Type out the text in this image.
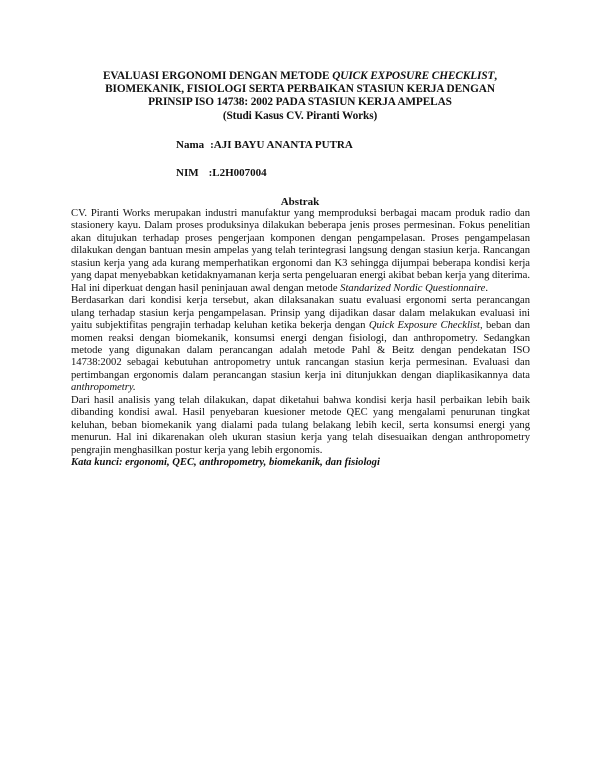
EVALUASI ERGONOMI DENGAN METODE QUICK EXPOSURE CHECKLIST,
BIOMEKANIK, FISIOLOGI SERTA PERBAIKAN STASIUN KERJA DENGAN
PRINSIP ISO 14738: 2002 PADA STASIUN KERJA AMPELAS
(Studi Kasus CV. Piranti Works)
Nama :AJI BAYU ANANTA PUTRA
NIM :L2H007004
Abstrak

CV. Piranti Works merupakan industri manufaktur yang memproduksi berbagai macam produk radio dan stasionery kayu. Dalam proses produksinya dilakukan beberapa jenis proses permesinan. Fokus penelitian akan ditujukan terhadap proses pengerjaan komponen dengan pengampelasan. Proses pengampelasan dilakukan dengan bantuan mesin ampelas yang telah terintegrasi langsung dengan stasiun kerja. Rancangan stasiun kerja yang ada kurang memperhatikan ergonomi dan K3 sehingga dijumpai beberapa kondisi kerja yang dapat menyebabkan ketidaknyamanan kerja serta pengeluaran energi akibat beban kerja yang diterima. Hal ini diperkuat dengan hasil peninjauan awal dengan metode Standarized Nordic Questionnaire.

Berdasarkan dari kondisi kerja tersebut, akan dilaksanakan suatu evaluasi ergonomi serta perancangan ulang terhadap stasiun kerja pengampelasan. Prinsip yang dijadikan dasar dalam melakukan evaluasi ini yaitu subjektifitas pengrajin terhadap keluhan ketika bekerja dengan Quick Exposure Checklist, beban dan momen reaksi dengan biomekanik, konsumsi energi dengan fisiologi, dan anthropometry. Sedangkan metode yang digunakan dalam perancangan adalah metode Pahl & Beitz dengan pendekatan ISO 14738:2002 sebagai kebutuhan antropometry untuk rancangan stasiun kerja permesinan. Evaluasi dan pertimbangan ergonomis dalam perancangan stasiun kerja ini ditunjukkan dengan diaplikasikannya data anthropometry.

Dari hasil analisis yang telah dilakukan, dapat diketahui bahwa kondisi kerja hasil perbaikan lebih baik dibanding kondisi awal. Hasil penyebaran kuesioner metode QEC yang mengalami penurunan tingkat keluhan, beban biomekanik yang dialami pada tulang belakang lebih kecil, serta konsumsi energi yang menurun. Hal ini dikarenakan oleh ukuran stasiun kerja yang telah disesuaikan dengan anthropometry pengrajin menghasilkan postur kerja yang lebih ergonomis.

Kata kunci: ergonomi, QEC, anthropometry, biomekanik, dan fisiologi
